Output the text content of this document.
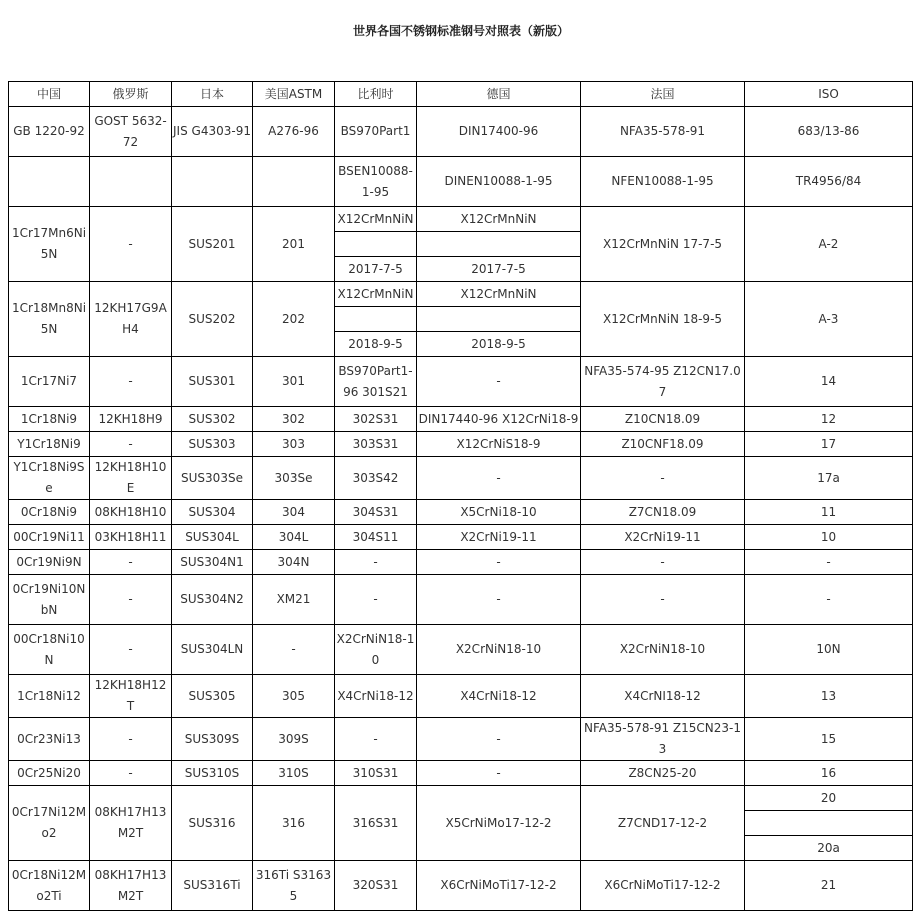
世界各国不锈钢标准钢号对照表（新版）
中国	俄罗斯	日本	美国ASTM	比利时	德国	法国	ISO
GB 1220-92	GOST 5632-72	JIS G4303-91	A276-96	BS970Part1	DIN17400-96	NFA35-578-91	683/13-86
				BSEN10088-1-95	DINEN10088-1-95	NFEN10088-1-95	TR4956/84
1Cr17Mn6Ni5N	-	SUS201	201	X12CrMnNiN	X12CrMnNiN	X12CrMnNiN 17-7-5	A-2

				2017-7-5	2017-7-5		
1Cr18Mn8Ni5N	12KH17G9AH4	SUS202	202	X12CrMnNiN	X12CrMnNiN	X12CrMnNiN 18-9-5	A-3

				2018-9-5	2018-9-5		
1Cr17Ni7	-	SUS301	301	BS970Part1-96 301S21	-	NFA35-574-95 Z12CN17.07	14
1Cr18Ni9	12KH18H9	SUS302	302	302S31	DIN17440-96 X12CrNi18-9	Z10CN18.09	12
Y1Cr18Ni9	-	SUS303	303	303S31	X12CrNiS18-9	Z10CNF18.09	17
Y1Cr18Ni9Se	12KH18H10E	SUS303Se	303Se	303S42	-	-	17a
0Cr18Ni9	08KH18H10	SUS304	304	304S31	X5CrNi18-10	Z7CN18.09	11
00Cr19Ni11	03KH18H11	SUS304L	304L	304S11	X2CrNi19-11	X2CrNi19-11	10
0Cr19Ni9N	-	SUS304N1	304N	-	-	-	-
0Cr19Ni10NbN	-	SUS304N2	XM21	-	-	-	-
00Cr18Ni10N	-	SUS304LN	-	X2CrNiN18-10	X2CrNiN18-10	X2CrNiN18-10	10N
1Cr18Ni12	12KH18H12T	SUS305	305	X4CrNi18-12	X4CrNi18-12	X4CrNI18-12	13
0Cr23Ni13	-	SUS309S	309S	-	-	NFA35-578-91 Z15CN23-13	15
0Cr25Ni20	-	SUS310S	310S	310S31	-	Z8CN25-20	16
0Cr17Ni12Mo2	08KH17H13M2T	SUS316	316	316S31	X5CrNiMo17-12-2	Z7CND17-12-2	20

							20a
0Cr18Ni12Mo2Ti	08KH17H13M2T	SUS316Ti	316Ti S31635	320S31	X6CrNiMoTi17-12-2	X6CrNiMoTi17-12-2	21
